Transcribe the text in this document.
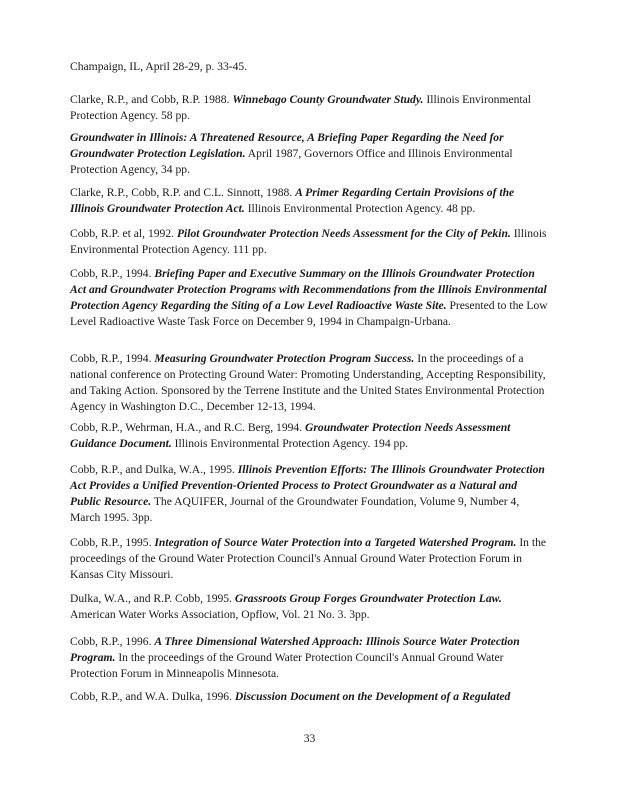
Champaign, IL, April 28-29, p. 33-45.

Clarke, R.P., and Cobb, R.P. 1988. Winnebago County Groundwater Study. Illinois Environmental Protection Agency. 58 pp.

Groundwater in Illinois: A Threatened Resource, A Briefing Paper Regarding the Need for Groundwater Protection Legislation. April 1987, Governors Office and Illinois Environmental Protection Agency, 34 pp.

Clarke, R.P., Cobb, R.P. and C.L. Sinnott, 1988. A Primer Regarding Certain Provisions of the Illinois Groundwater Protection Act. Illinois Environmental Protection Agency. 48 pp.

Cobb, R.P. et al, 1992. Pilot Groundwater Protection Needs Assessment for the City of Pekin. Illinois Environmental Protection Agency. 111 pp.

Cobb, R.P., 1994. Briefing Paper and Executive Summary on the Illinois Groundwater Protection Act and Groundwater Protection Programs with Recommendations from the Illinois Environmental Protection Agency Regarding the Siting of a Low Level Radioactive Waste Site. Presented to the Low Level Radioactive Waste Task Force on December 9, 1994 in Champaign-Urbana.

Cobb, R.P., 1994. Measuring Groundwater Protection Program Success. In the proceedings of a national conference on Protecting Ground Water: Promoting Understanding, Accepting Responsibility, and Taking Action. Sponsored by the Terrene Institute and the United States Environmental Protection Agency in Washington D.C., December 12-13, 1994.

Cobb, R.P., Wehrman, H.A., and R.C. Berg, 1994. Groundwater Protection Needs Assessment Guidance Document. Illinois Environmental Protection Agency. 194 pp.

Cobb, R.P., and Dulka, W.A., 1995. Illinois Prevention Efforts: The Illinois Groundwater Protection Act Provides a Unified Prevention-Oriented Process to Protect Groundwater as a Natural and Public Resource. The AQUIFER, Journal of the Groundwater Foundation, Volume 9, Number 4, March 1995. 3pp.

Cobb, R.P., 1995. Integration of Source Water Protection into a Targeted Watershed Program. In the proceedings of the Ground Water Protection Council's Annual Ground Water Protection Forum in Kansas City Missouri.

Dulka, W.A., and R.P. Cobb, 1995. Grassroots Group Forges Groundwater Protection Law. American Water Works Association, Opflow, Vol. 21 No. 3. 3pp.

Cobb, R.P., 1996. A Three Dimensional Watershed Approach: Illinois Source Water Protection Program. In the proceedings of the Ground Water Protection Council's Annual Ground Water Protection Forum in Minneapolis Minnesota.

Cobb, R.P., and W.A. Dulka, 1996. Discussion Document on the Development of a Regulated

33
